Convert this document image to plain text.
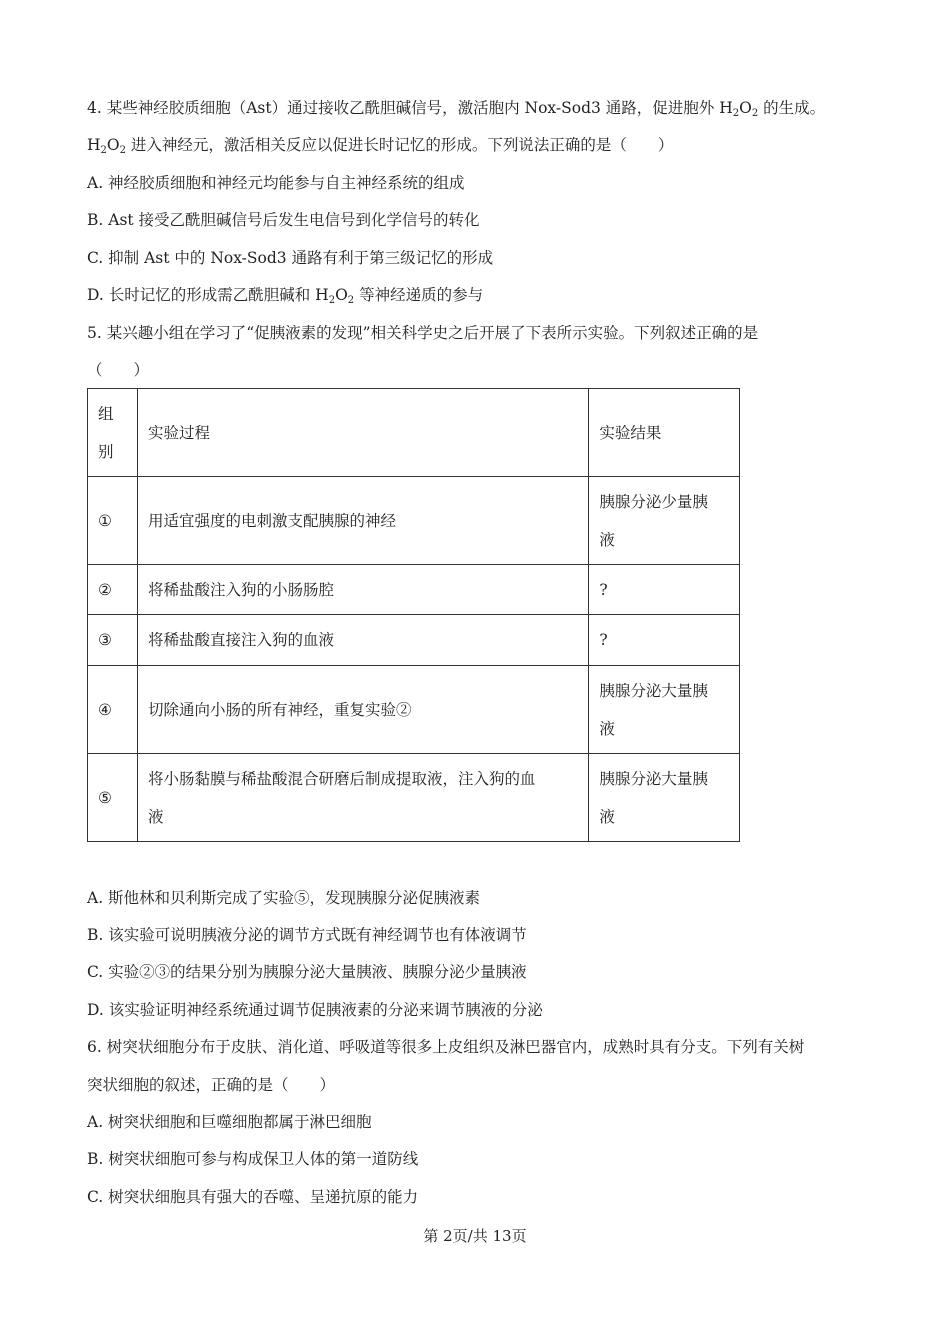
4. 某些神经胶质细胞（Ast）通过接收乙酰胆碱信号，激活胞内 Nox-Sod3 通路，促进胞外 $H_2O_2$ 的生成。
$H_2O_2$ 进入神经元，激活相关反应以促进长时记忆的形成。下列说法正确的是（　　）
A. 神经胶质细胞和神经元均能参与自主神经系统的组成
B. Ast 接受乙酰胆碱信号后发生电信号到化学信号的转化
C. 抑制 Ast 中的 Nox-Sod3 通路有利于第三级记忆的形成
D. 长时记忆的形成需乙酰胆碱和 $H_2O_2$ 等神经递质的参与
5. 某兴趣小组在学习了“促胰液素的发现”相关科学史之后开展了下表所示实验。下列叙述正确的是
（　　）
组
别	实验过程	实验结果
①	用适宜强度的电刺激支配胰腺的神经	胰腺分泌少量胰
液
②	将稀盐酸注入狗的小肠肠腔	?
③	将稀盐酸直接注入狗的血液	?
④	切除通向小肠的所有神经，重复实验②	胰腺分泌大量胰
液
⑤	将小肠黏膜与稀盐酸混合研磨后制成提取液，注入狗的血
液	胰腺分泌大量胰
液
A. 斯他林和贝利斯完成了实验⑤，发现胰腺分泌促胰液素
B. 该实验可说明胰液分泌的调节方式既有神经调节也有体液调节
C. 实验②③的结果分别为胰腺分泌大量胰液、胰腺分泌少量胰液
D. 该实验证明神经系统通过调节促胰液素的分泌来调节胰液的分泌
6. 树突状细胞分布于皮肤、消化道、呼吸道等很多上皮组织及淋巴器官内，成熟时具有分支。下列有关树
突状细胞的叙述，正确的是（　　）
A. 树突状细胞和巨噬细胞都属于淋巴细胞
B. 树突状细胞可参与构成保卫人体的第一道防线
C. 树突状细胞具有强大的吞噬、呈递抗原的能力
第 2页/共 13页
